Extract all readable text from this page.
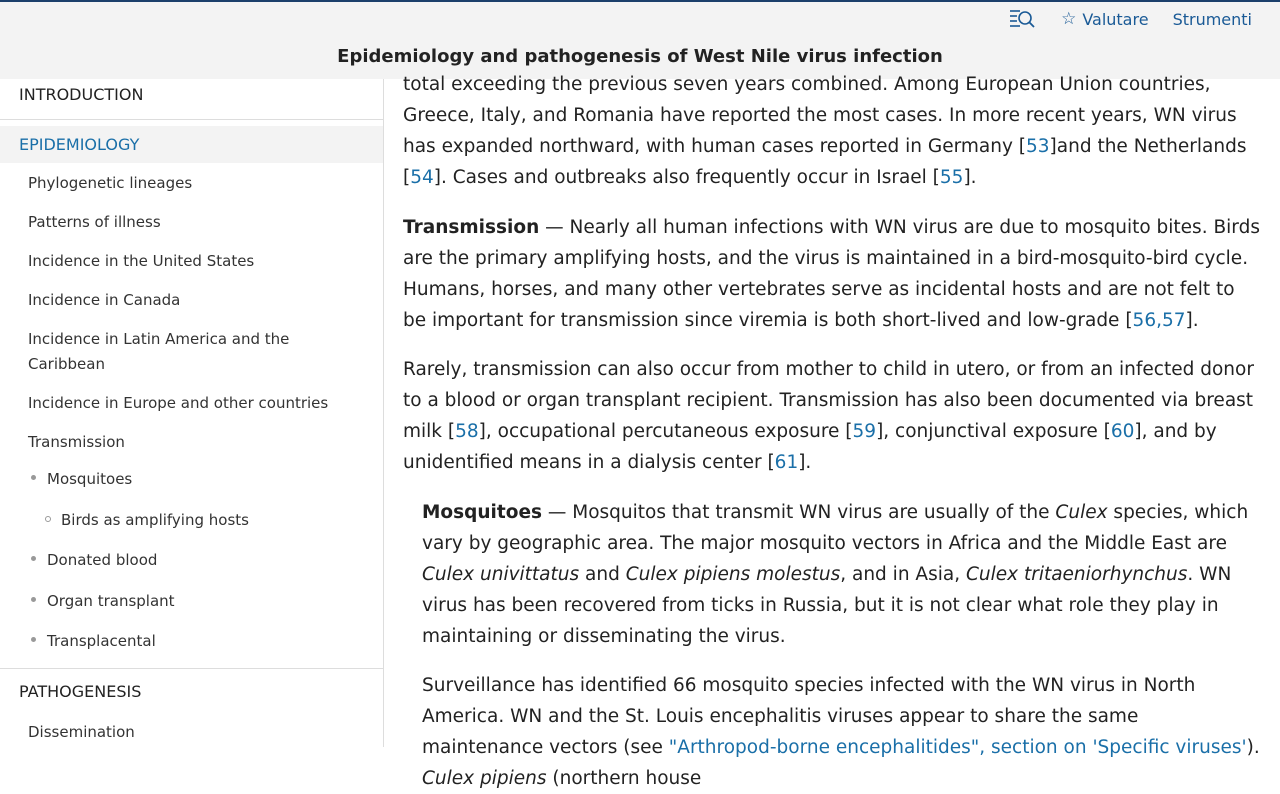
☆ Valutare Strumenti
Epidemiology and pathogenesis of West Nile virus infection
INTRODUCTION
EPIDEMIOLOGY
Phylogenetic lineages
Patterns of illness
Incidence in the United States
Incidence in Canada
Incidence in Latin America and the Caribbean
Incidence in Europe and other countries
Transmission
Mosquitoes
Birds as amplifying hosts
Donated blood
Organ transplant
Transplacental
PATHOGENESIS
Dissemination
total exceeding the previous seven years combined. Among European Union countries, Greece, Italy, and Romania have reported the most cases. In more recent years, WN virus has expanded northward, with human cases reported in Germany [53]and the Netherlands [54]. Cases and outbreaks also frequently occur in Israel [55].
Transmission — Nearly all human infections with WN virus are due to mosquito bites. Birds are the primary amplifying hosts, and the virus is maintained in a bird-mosquito-bird cycle. Humans, horses, and many other vertebrates serve as incidental hosts and are not felt to be important for transmission since viremia is both short-lived and low-grade [56,57].
Rarely, transmission can also occur from mother to child in utero, or from an infected donor to a blood or organ transplant recipient. Transmission has also been documented via breast milk [58], occupational percutaneous exposure [59], conjunctival exposure [60], and by unidentified means in a dialysis center [61].
Mosquitoes — Mosquitos that transmit WN virus are usually of the Culex species, which vary by geographic area. The major mosquito vectors in Africa and the Middle East are Culex univittatus and Culex pipiens molestus, and in Asia, Culex tritaeniorhynchus. WN virus has been recovered from ticks in Russia, but it is not clear what role they play in maintaining or disseminating the virus.
Surveillance has identified 66 mosquito species infected with the WN virus in North America. WN and the St. Louis encephalitis viruses appear to share the same maintenance vectors (see "Arthropod-borne encephalitides", section on 'Specific viruses'). Culex pipiens (northern house
